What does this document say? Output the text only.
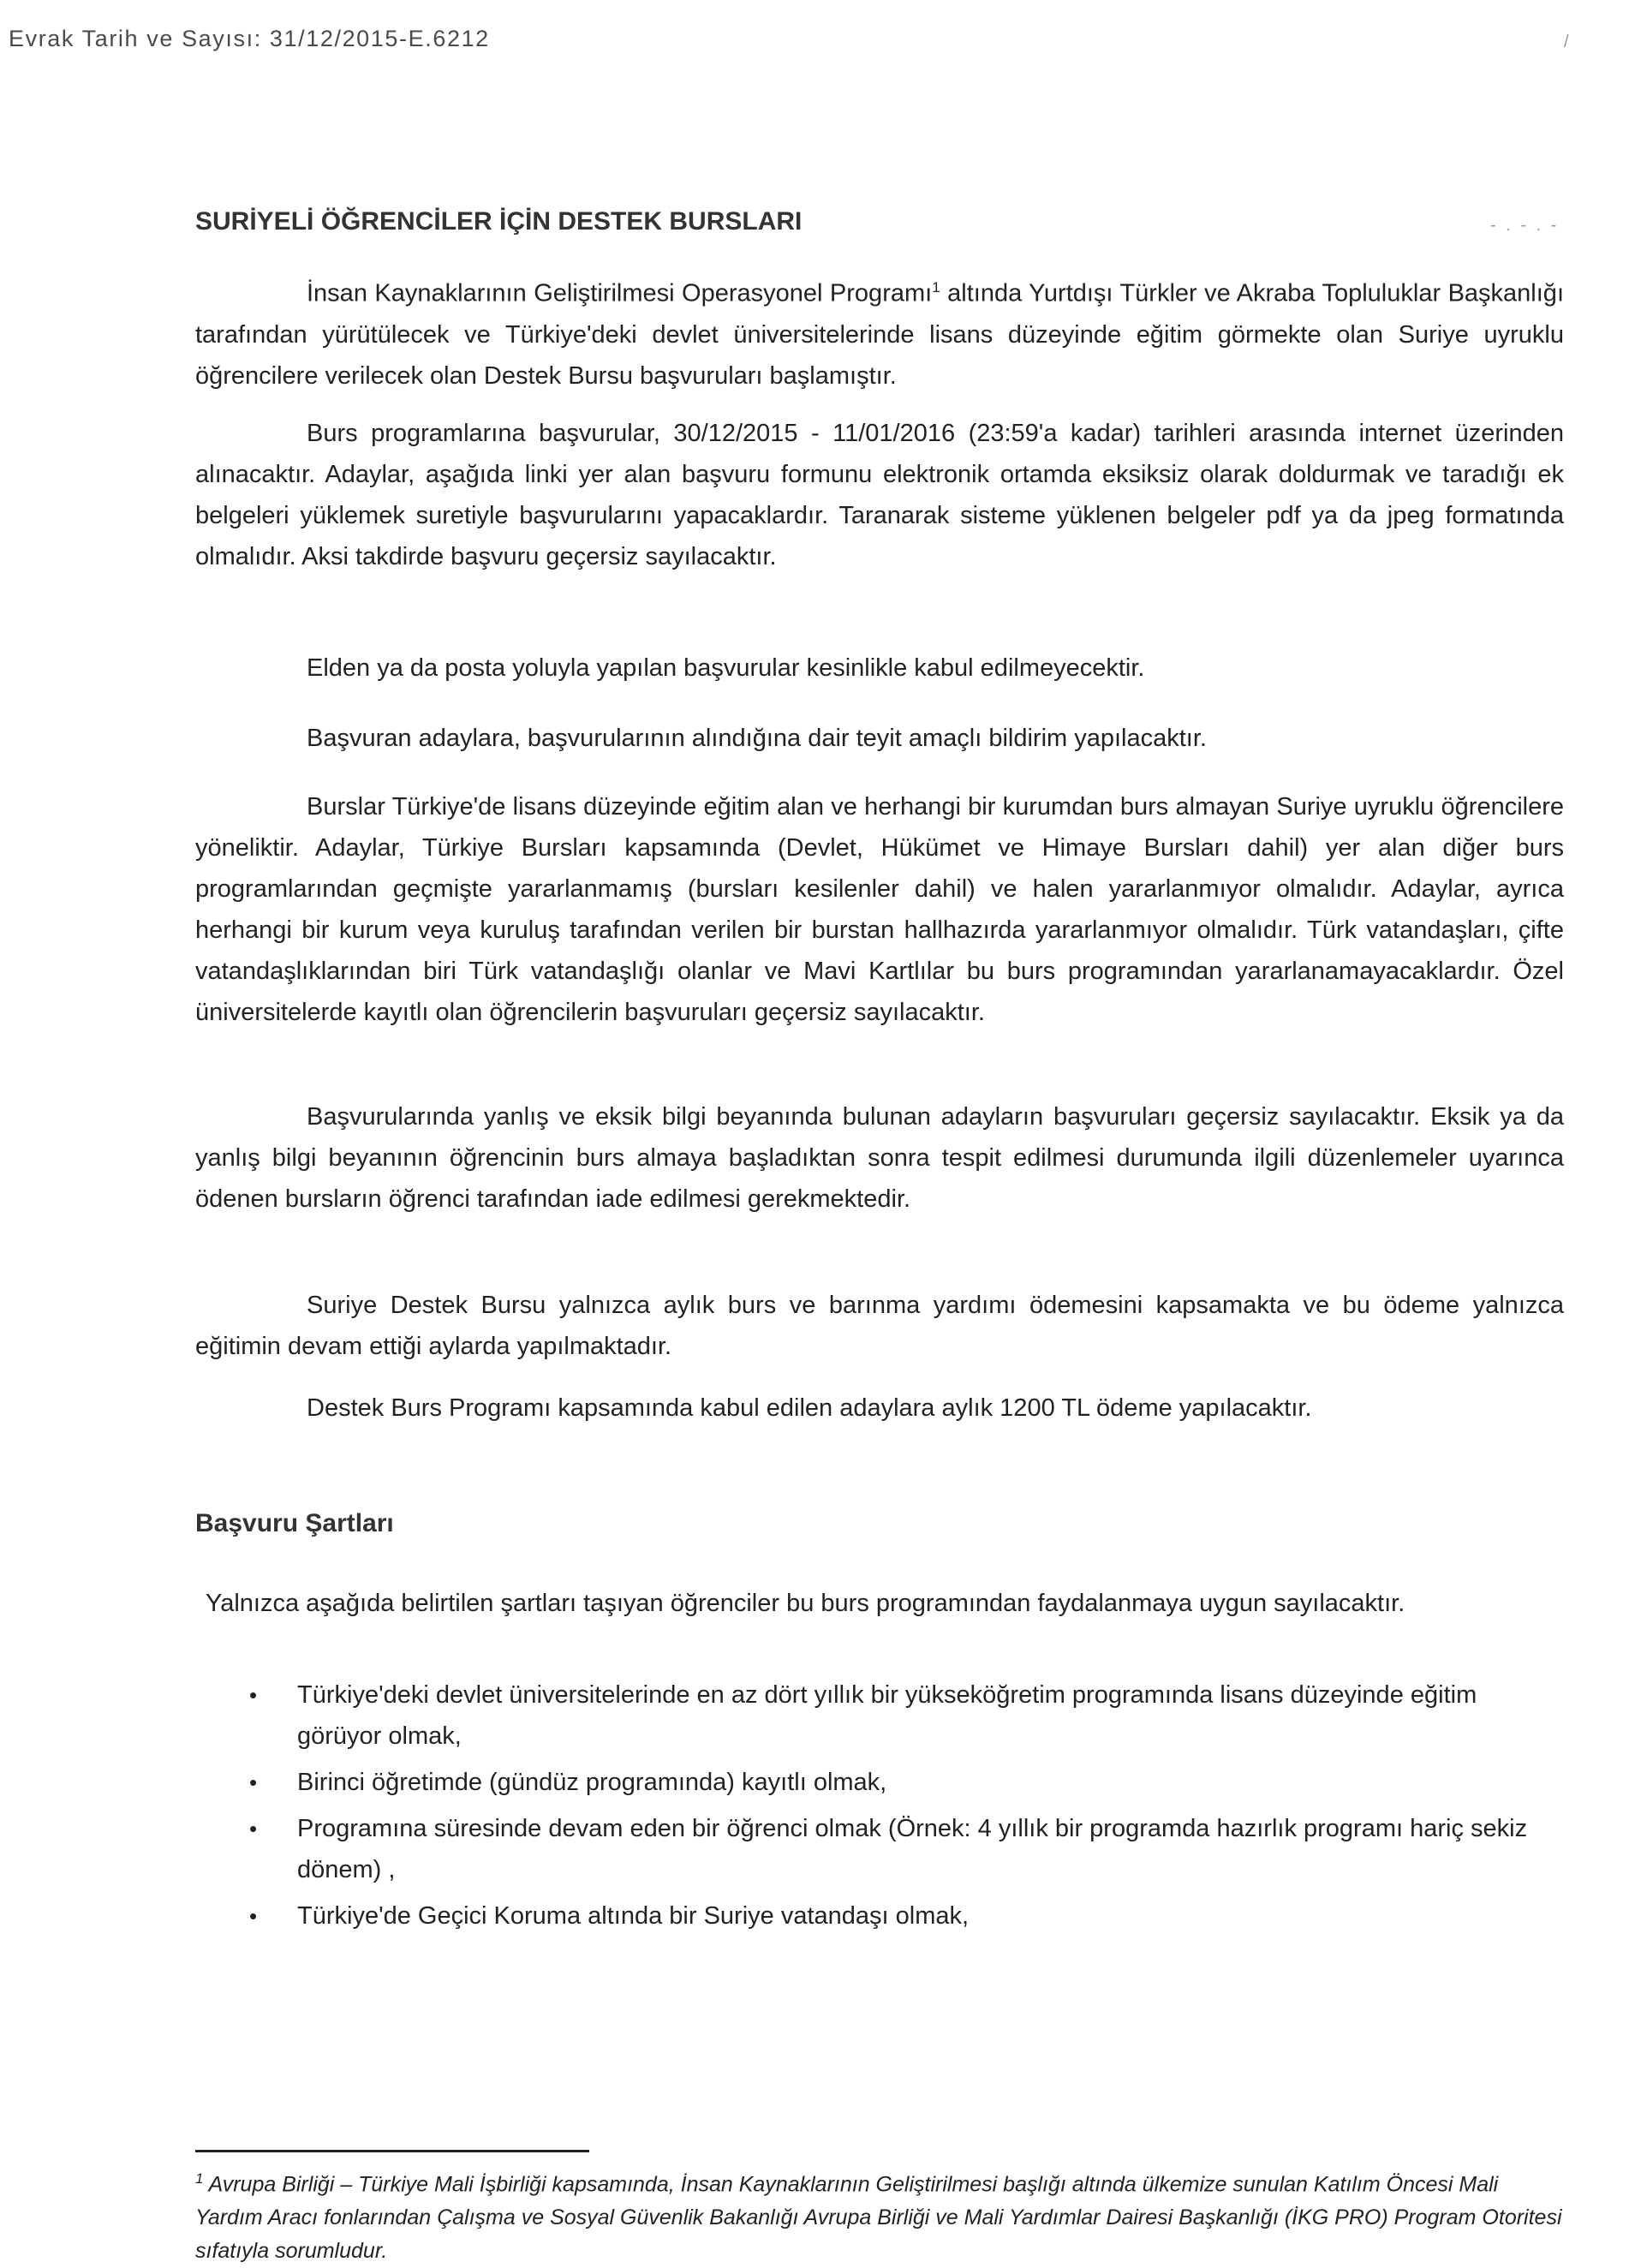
Evrak Tarih ve Sayısı: 31/12/2015-E.6212	/
- . - . -
SURİYELİ ÖĞRENCİLER İÇİN DESTEK BURSLARI

İnsan Kaynaklarının Geliştirilmesi Operasyonel Programı$^1$ altında Yurtdışı Türkler ve Akraba Topluluklar Başkanlığı tarafından yürütülecek ve Türkiye'deki devlet üniversitelerinde lisans düzeyinde eğitim görmekte olan Suriye uyruklu öğrencilere verilecek olan Destek Bursu başvuruları başlamıştır.

Burs programlarına başvurular, 30/12/2015 - 11/01/2016 (23:59'a kadar) tarihleri arasında internet üzerinden alınacaktır. Adaylar, aşağıda linki yer alan başvuru formunu elektronik ortamda eksiksiz olarak doldurmak ve taradığı ek belgeleri yüklemek suretiyle başvurularını yapacaklardır. Taranarak sisteme yüklenen belgeler pdf ya da jpeg formatında olmalıdır. Aksi takdirde başvuru geçersiz sayılacaktır.

Elden ya da posta yoluyla yapılan başvurular kesinlikle kabul edilmeyecektir.

Başvuran adaylara, başvurularının alındığına dair teyit amaçlı bildirim yapılacaktır.

Burslar Türkiye'de lisans düzeyinde eğitim alan ve herhangi bir kurumdan burs almayan Suriye uyruklu öğrencilere yöneliktir. Adaylar, Türkiye Bursları kapsamında (Devlet, Hükümet ve Himaye Bursları dahil) yer alan diğer burs programlarından geçmişte yararlanmamış (bursları kesilenler dahil) ve halen yararlanmıyor olmalıdır. Adaylar, ayrıca herhangi bir kurum veya kuruluş tarafından verilen bir burstan hallhazırda yararlanmıyor olmalıdır. Türk vatandaşları, çifte vatandaşlıklarından biri Türk vatandaşlığı olanlar ve Mavi Kartlılar bu burs programından yararlanamayacaklardır. Özel üniversitelerde kayıtlı olan öğrencilerin başvuruları geçersiz sayılacaktır.

Başvurularında yanlış ve eksik bilgi beyanında bulunan adayların başvuruları geçersiz sayılacaktır. Eksik ya da yanlış bilgi beyanının öğrencinin burs almaya başladıktan sonra tespit edilmesi durumunda ilgili düzenlemeler uyarınca ödenen bursların öğrenci tarafından iade edilmesi gerekmektedir.

Suriye Destek Bursu yalnızca aylık burs ve barınma yardımı ödemesini kapsamakta ve bu ödeme yalnızca eğitimin devam ettiği aylarda yapılmaktadır.

Destek Burs Programı kapsamında kabul edilen adaylara aylık 1200 TL ödeme yapılacaktır.

Başvuru Şartları

Yalnızca aşağıda belirtilen şartları taşıyan öğrenciler bu burs programından faydalanmaya uygun sayılacaktır.

• Türkiye'deki devlet üniversitelerinde en az dört yıllık bir yükseköğretim programında lisans düzeyinde eğitim görüyor olmak,
• Birinci öğretimde (gündüz programında) kayıtlı olmak,
• Programına süresinde devam eden bir öğrenci olmak (Örnek: 4 yıllık bir programda hazırlık programı hariç sekiz dönem) ,
• Türkiye'de Geçici Koruma altında bir Suriye vatandaşı olmak,

$^1$ Avrupa Birliği – Türkiye Mali İşbirliği kapsamında, İnsan Kaynaklarının Geliştirilmesi başlığı altında ülkemize sunulan Katılım Öncesi Mali Yardım Aracı fonlarından Çalışma ve Sosyal Güvenlik Bakanlığı Avrupa Birliği ve Mali Yardımlar Dairesi Başkanlığı (İKG PRO) Program Otoritesi sıfatıyla sorumludur.
